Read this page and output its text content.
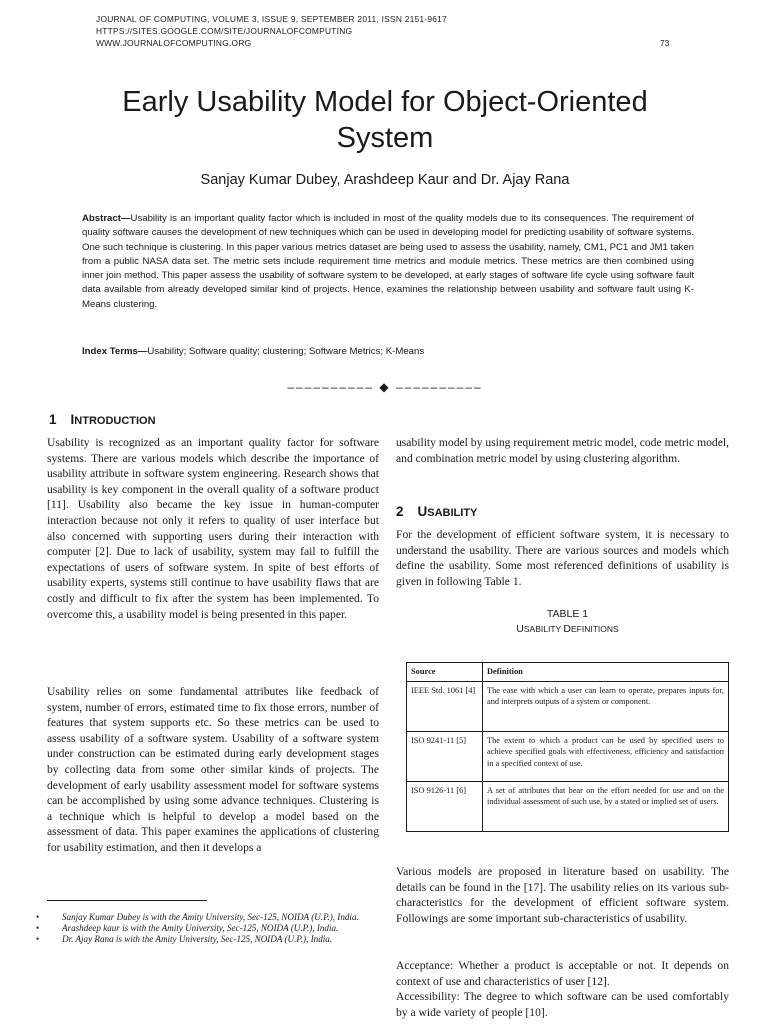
JOURNAL OF COMPUTING, VOLUME 3, ISSUE 9, SEPTEMBER 2011, ISSN 2151-9617
HTTPS://SITES.GOOGLE.COM/SITE/JOURNALOFCOMPUTING
WWW.JOURNALOFCOMPUTING.ORG	73
Early Usability Model for Object-Oriented
System
Sanjay Kumar Dubey, Arashdeep Kaur and Dr. Ajay Rana
Abstract—Usability is an important quality factor which is included in most of the quality models due to its consequences. The requirement of quality software causes the development of new techniques which can be used in developing model for predicting usability of software systems. One such technique is clustering. In this paper various metrics dataset are being used to assess the usability, namely, CM1, PC1 and JM1 taken from a public NASA data set. The metric sets include requirement time metrics and module metrics. These metrics are then combined using inner join method. This paper assess the usability of software system to be developed, at early stages of software life cycle using software fault data available from already developed similar kind of projects. Hence, examines the relationship between usability and software fault using K-Means clustering.
Index Terms—Usability; Software quality; clustering; Software Metrics; K-Means
–––––––––– ◆ ––––––––––
1 INTRODUCTION

Usability is recognized as an important quality factor for software systems. There are various models which describe the importance of usability attribute in software system engineering. Research shows that usability is key component in the overall quality of a software product [11]. Usability also became the key issue in human-computer interaction because not only it refers to quality of user interface but also concerned with supporting users during their interaction with computer [2]. Due to lack of usability, system may fail to fulfill the expectations of users of software system. In spite of best efforts of usability experts, systems still continue to have usability flaws that are costly and difficult to fix after the system has been implemented. To overcome this, a usability model is being presented in this paper.

Usability relies on some fundamental attributes like feedback of system, number of errors, estimated time to fix those errors, number of features that system supports etc. So these metrics can be used to assess usability of a software system. Usability of a software system under construction can be estimated during early development stages by collecting data from some other similar kinds of projects. The development of early usability assessment model for software systems can be accomplished by using some advance techniques. Clustering is a technique which is helpful to develop a model based on the assessment of data. This paper examines the applications of clustering for usability estimation, and then it develops a

•	Sanjay Kumar Dubey is with the Amity University, Sec-125, NOIDA (U.P.), India.
•	Arashdeep kaur is with the Amity University, Sec-125, NOIDA (U.P.), India.
•	Dr. Ajay Rana is with the Amity University, Sec-125, NOIDA (U.P.), India.

usability model by using requirement metric model, code metric model, and combination metric model by using clustering algorithm.

2 USABILITY

For the development of efficient software system, it is necessary to understand the usability. There are various sources and models which define the usability. Some most referenced definitions of usability is given in following Table 1.

TABLE 1
USABILITY DEFINITIONS
Source	Definition
IEEE Std. 1061 [4]	The ease with which a user can learn to operate, prepares inputs for, and interprets outputs of a system or component.
ISO 9241-11 [5]	The extent to which a product can be used by specified users to achieve specified goals with effectiveness, efficiency and satisfaction in a specified context of use.
ISO 9126-11 [6]	A set of attributes that bear on the effort needed for use and on the individual assessment of such use, by a stated or implied set of users.

Various models are proposed in literature based on usability. The details can be found in the [17]. The usability relies on its various sub-characteristics for the development of efficient software system. Followings are some important sub-characteristics of usability.

Acceptance: Whether a product is acceptable or not. It depends on context of use and characteristics of user [12].

Accessibility: The degree to which software can be used comfortably by a wide variety of people [10].
